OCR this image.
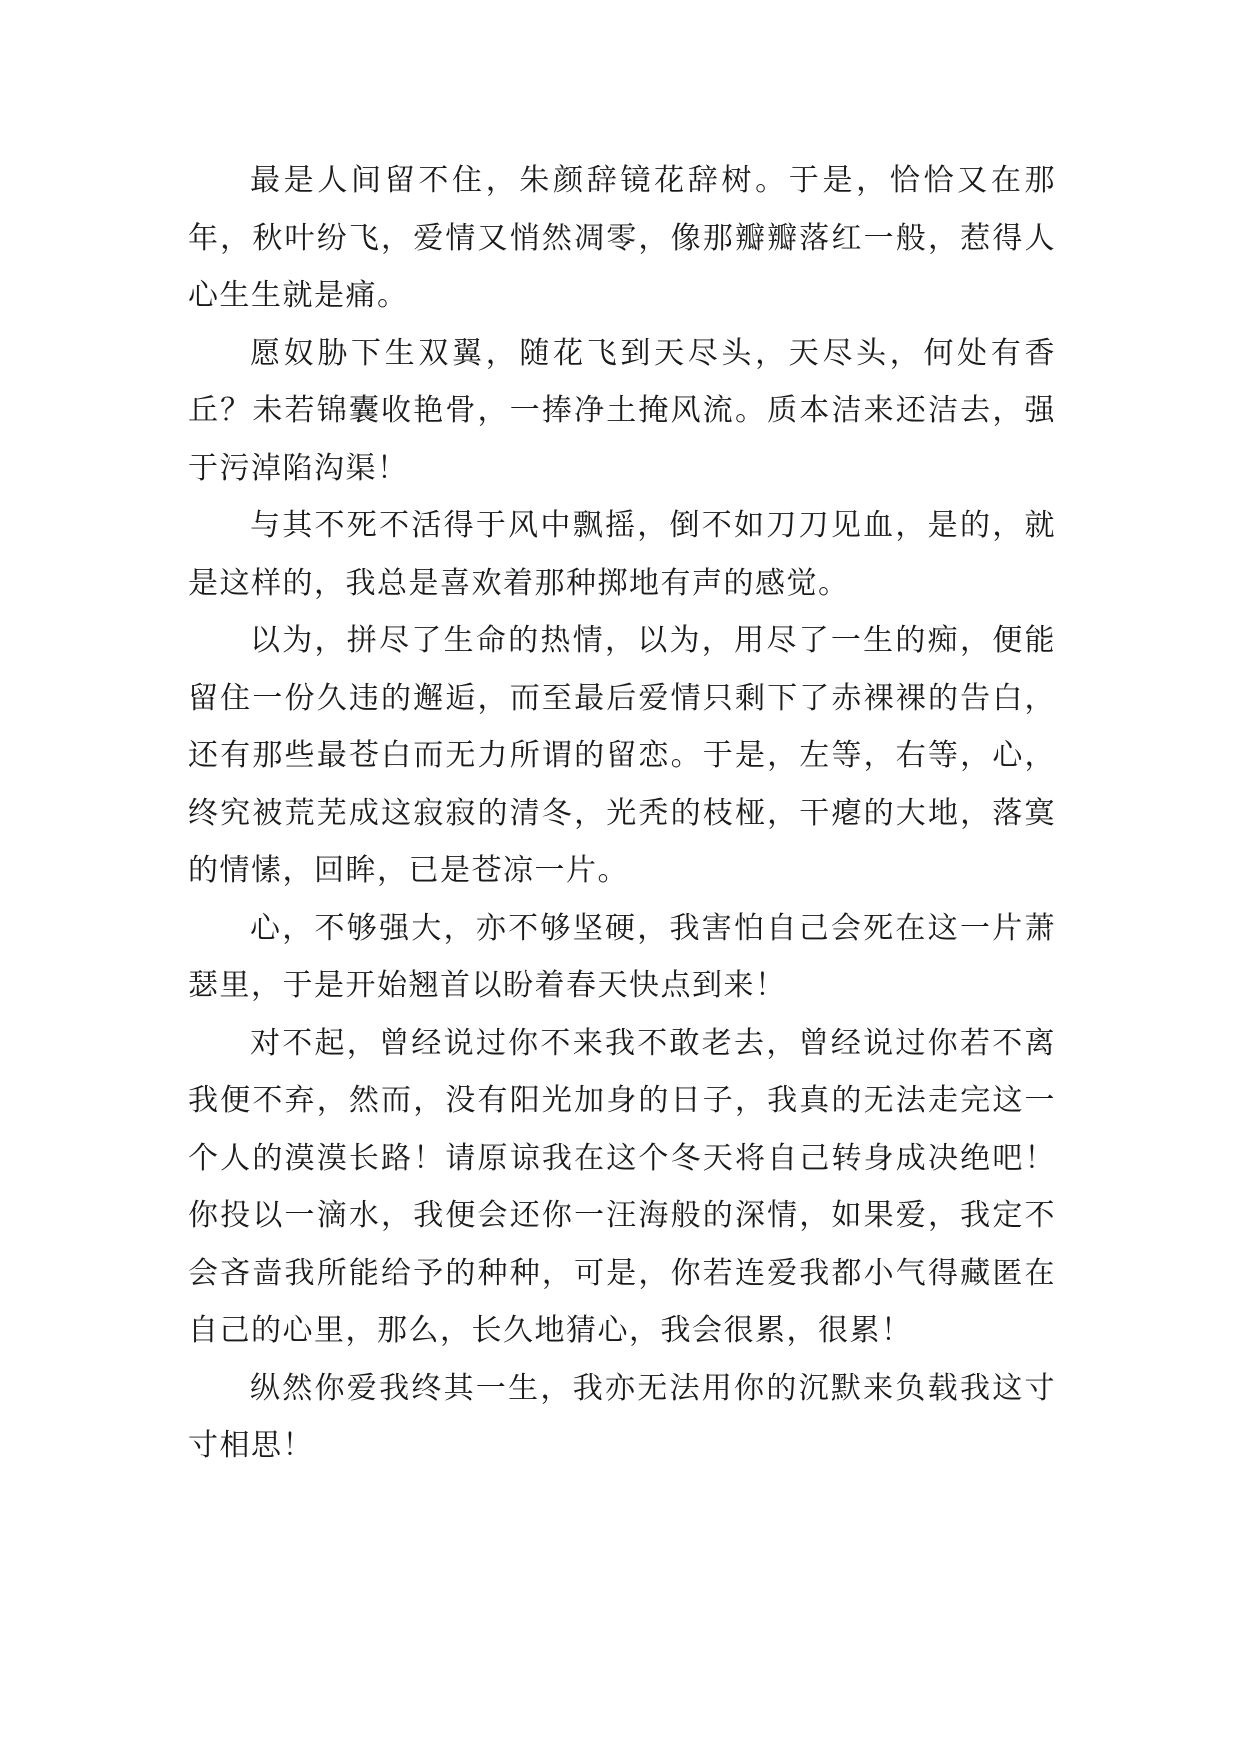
最是人间留不住，朱颜辞镜花辞树。于是，恰恰又在那年，秋叶纷飞，爱情又悄然凋零，像那瓣瓣落红一般，惹得人心生生就是痛。

愿奴胁下生双翼，随花飞到天尽头，天尽头，何处有香丘？未若锦囊收艳骨，一捧净土掩风流。质本洁来还洁去，强于污淖陷沟渠！

与其不死不活得于风中飘摇，倒不如刀刀见血，是的，就是这样的，我总是喜欢着那种掷地有声的感觉。

以为，拼尽了生命的热情，以为，用尽了一生的痴，便能留住一份久违的邂逅，而至最后爱情只剩下了赤裸裸的告白，还有那些最苍白而无力所谓的留恋。于是，左等，右等，心，终究被荒芜成这寂寂的清冬，光秃的枝桠，干瘪的大地，落寞的情愫，回眸，已是苍凉一片。

心，不够强大，亦不够坚硬，我害怕自己会死在这一片萧瑟里，于是开始翘首以盼着春天快点到来！

对不起，曾经说过你不来我不敢老去，曾经说过你若不离我便不弃，然而，没有阳光加身的日子，我真的无法走完这一个人的漠漠长路！请原谅我在这个冬天将自己转身成决绝吧！你投以一滴水，我便会还你一汪海般的深情，如果爱，我定不会吝啬我所能给予的种种，可是，你若连爱我都小气得藏匿在自己的心里，那么，长久地猜心，我会很累，很累！

纵然你爱我终其一生，我亦无法用你的沉默来负载我这寸寸相思！
